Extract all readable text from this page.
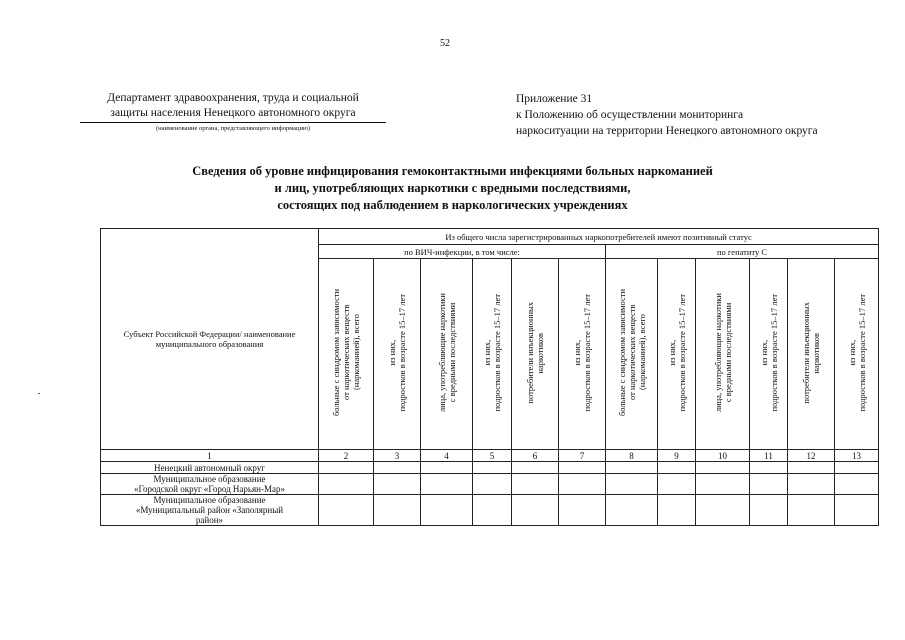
52
Департамент здравоохранения, труда и социальной
защиты населения Ненецкого автономного округа
(наименование органа, представляющего информацию)
Приложение 31
к Положению об осуществлении мониторинга
наркоситуации на территории Ненецкого автономного округа
Сведения об уровне инфицирования гемоконтактными инфекциями больных наркоманией
и лиц, употребляющих наркотики с вредными последствиями,
состоящих под наблюдением в наркологических учреждениях
Субъект Российской Федерации/ наименование муниципального образования	Из общего числа зарегистрированных наркопотребителей имеют позитивный статус											
	по ВИЧ-инфекции, в том числе:						по гепатиту С					

	больные с синдромом зависимости от наркотических веществ (наркоманией), всего	из них, подростков в возрасте 15–17 лет	лица, употребляющие наркотики с вредными последствиями	из них, подростков в возрасте 15–17 лет	потребители инъекционных наркотиков	из них, подростков в возрасте 15–17 лет	больные с синдромом зависимости от наркотических веществ (наркоманией), всего	из них, подростков в возрасте 15–17 лет	лица, употребляющие наркотики с вредными последствиями	из них, подростков в возрасте 15–17 лет	потребители инъекционных наркотиков	из них, подростков в возрасте 15–17 лет

1	2	3	4	5	6	7	8	9	10	11	12	13

Ненецкий автономный округ												

Муниципальное образование
«Городской округ «Город Нарьян-Мар»												

Муниципальное образование
«Муниципальный район «Заполярный
район»												
